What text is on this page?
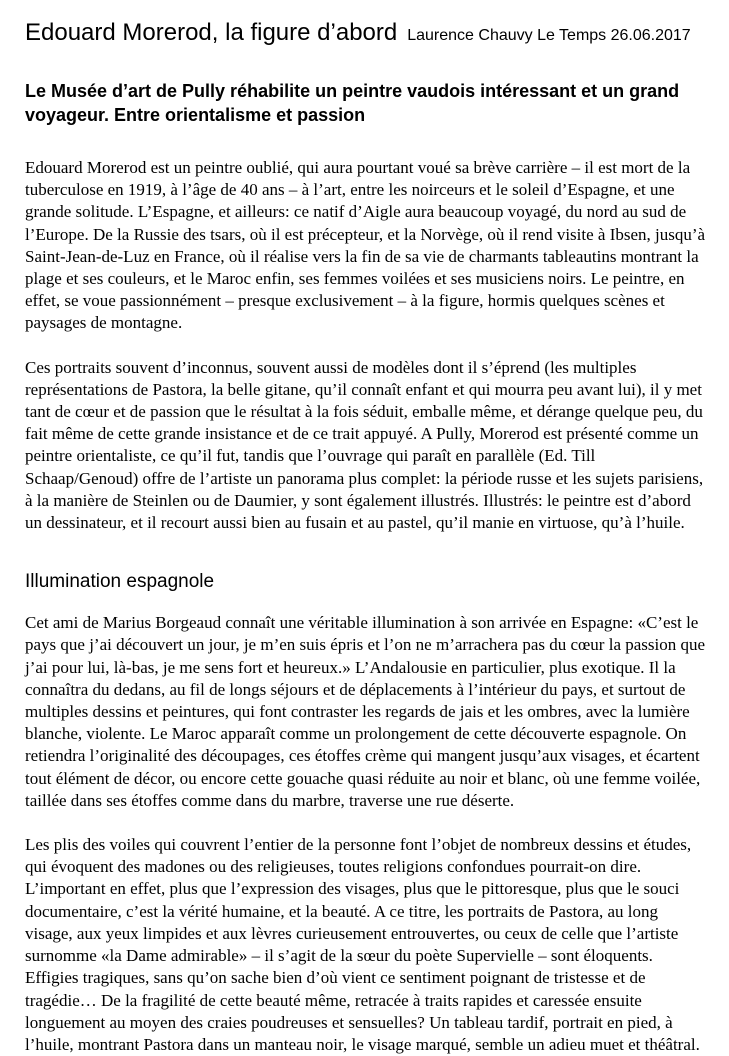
Edouard Morerod, la figure d’abord Laurence Chauvy Le Temps 26.06.2017
Le Musée d’art de Pully réhabilite un peintre vaudois intéressant et un grand voyageur. Entre orientalisme et passion

Edouard Morerod est un peintre oublié, qui aura pourtant voué sa brève carrière – il est mort de la tuberculose en 1919, à l’âge de 40 ans – à l’art, entre les noirceurs et le soleil d’Espagne, et une grande solitude. L’Espagne, et ailleurs: ce natif d’Aigle aura beaucoup voyagé, du nord au sud de l’Europe. De la Russie des tsars, où il est précepteur, et la Norvège, où il rend visite à Ibsen, jusqu’à Saint-Jean-de-Luz en France, où il réalise vers la fin de sa vie de charmants tableautins montrant la plage et ses couleurs, et le Maroc enfin, ses femmes voilées et ses musiciens noirs. Le peintre, en effet, se voue passionnément – presque exclusivement – à la figure, hormis quelques scènes et paysages de montagne.

Ces portraits souvent d’inconnus, souvent aussi de modèles dont il s’éprend (les multiples représentations de Pastora, la belle gitane, qu’il connaît enfant et qui mourra peu avant lui), il y met tant de cœur et de passion que le résultat à la fois séduit, emballe même, et dérange quelque peu, du fait même de cette grande insistance et de ce trait appuyé. A Pully, Morerod est présenté comme un peintre orientaliste, ce qu’il fut, tandis que l’ouvrage qui paraît en parallèle (Ed. Till Schaap/Genoud) offre de l’artiste un panorama plus complet: la période russe et les sujets parisiens, à la manière de Steinlen ou de Daumier, y sont également illustrés. Illustrés: le peintre est d’abord un dessinateur, et il recourt aussi bien au fusain et au pastel, qu’il manie en virtuose, qu’à l’huile.

Illumination espagnole

Cet ami de Marius Borgeaud connaît une véritable illumination à son arrivée en Espagne: «C’est le pays que j’ai découvert un jour, je m’en suis épris et l’on ne m’arrachera pas du cœur la passion que j’ai pour lui, là-bas, je me sens fort et heureux.» L’Andalousie en particulier, plus exotique. Il la connaîtra du dedans, au fil de longs séjours et de déplacements à l’intérieur du pays, et surtout de multiples dessins et peintures, qui font contraster les regards de jais et les ombres, avec la lumière blanche, violente. Le Maroc apparaît comme un prolongement de cette découverte espagnole. On retiendra l’originalité des découpages, ces étoffes crème qui mangent jusqu’aux visages, et écartent tout élément de décor, ou encore cette gouache quasi réduite au noir et blanc, où une femme voilée, taillée dans ses étoffes comme dans du marbre, traverse une rue déserte.

Les plis des voiles qui couvrent l’entier de la personne font l’objet de nombreux dessins et études, qui évoquent des madones ou des religieuses, toutes religions confondues pourrait-on dire. L’important en effet, plus que l’expression des visages, plus que le pittoresque, plus que le souci documentaire, c’est la vérité humaine, et la beauté. A ce titre, les portraits de Pastora, au long visage, aux yeux limpides et aux lèvres curieusement entrouvertes, ou ceux de celle que l’artiste surnomme «la Dame admirable» – il s’agit de la sœur du poète Supervielle – sont éloquents. Effigies tragiques, sans qu’on sache bien d’où vient ce sentiment poignant de tristesse et de tragédie… De la fragilité de cette beauté même, retracée à traits rapides et caressée ensuite longuement au moyen des craies poudreuses et sensuelles? Un tableau tardif, portrait en pied, à l’huile, montrant Pastora dans un manteau noir, le visage marqué, semble un adieu muet et théâtral.
